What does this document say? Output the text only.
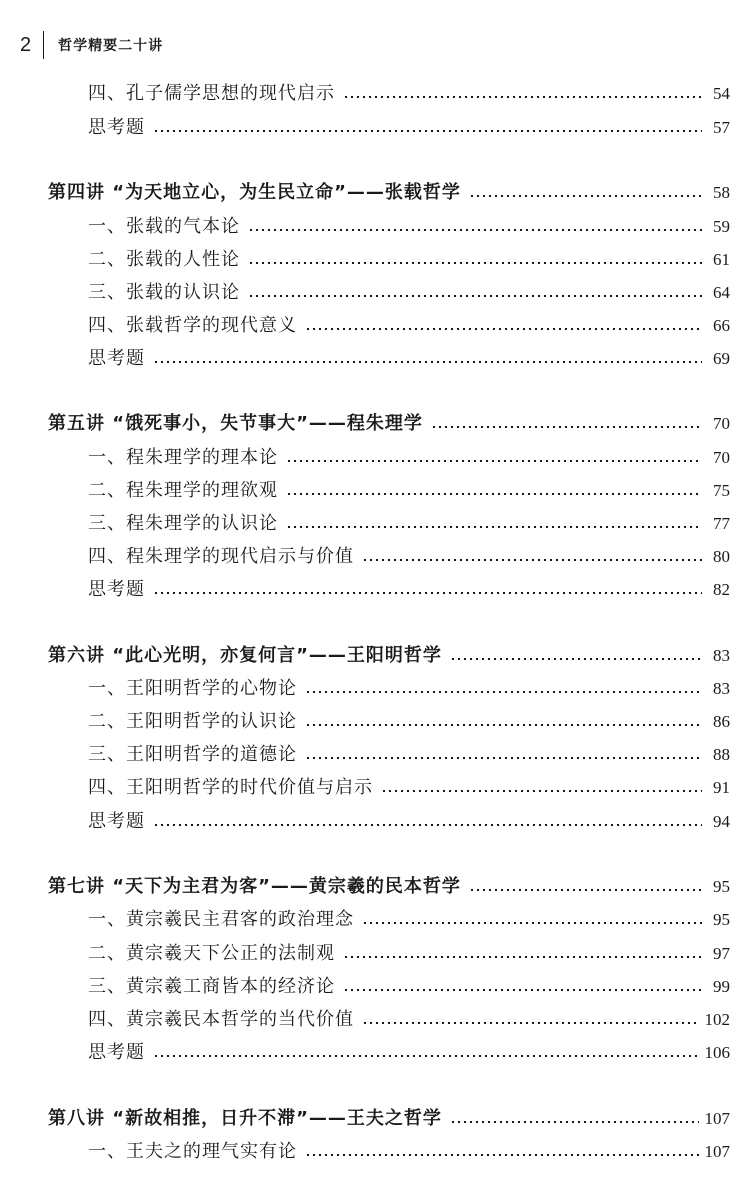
2 哲学精要二十讲
四、孔子儒学思想的现代启示	54
思考题	57
第四讲 “为天地立心，为生民立命”——张载哲学	58
一、张载的气本论	59
二、张载的人性论	61
三、张载的认识论	64
四、张载哲学的现代意义	66
思考题	69
第五讲 “饿死事小，失节事大”——程朱理学	70
一、程朱理学的理本论	70
二、程朱理学的理欲观	75
三、程朱理学的认识论	77
四、程朱理学的现代启示与价值	80
思考题	82
第六讲 “此心光明，亦复何言”——王阳明哲学	83
一、王阳明哲学的心物论	83
二、王阳明哲学的认识论	86
三、王阳明哲学的道德论	88
四、王阳明哲学的时代价值与启示	91
思考题	94
第七讲 “天下为主君为客”——黄宗羲的民本哲学	95
一、黄宗羲民主君客的政治理念	95
二、黄宗羲天下公正的法制观	97
三、黄宗羲工商皆本的经济论	99
四、黄宗羲民本哲学的当代价值	102
思考题	106
第八讲 “新故相推，日升不滞”——王夫之哲学	107
一、王夫之的理气实有论	107
